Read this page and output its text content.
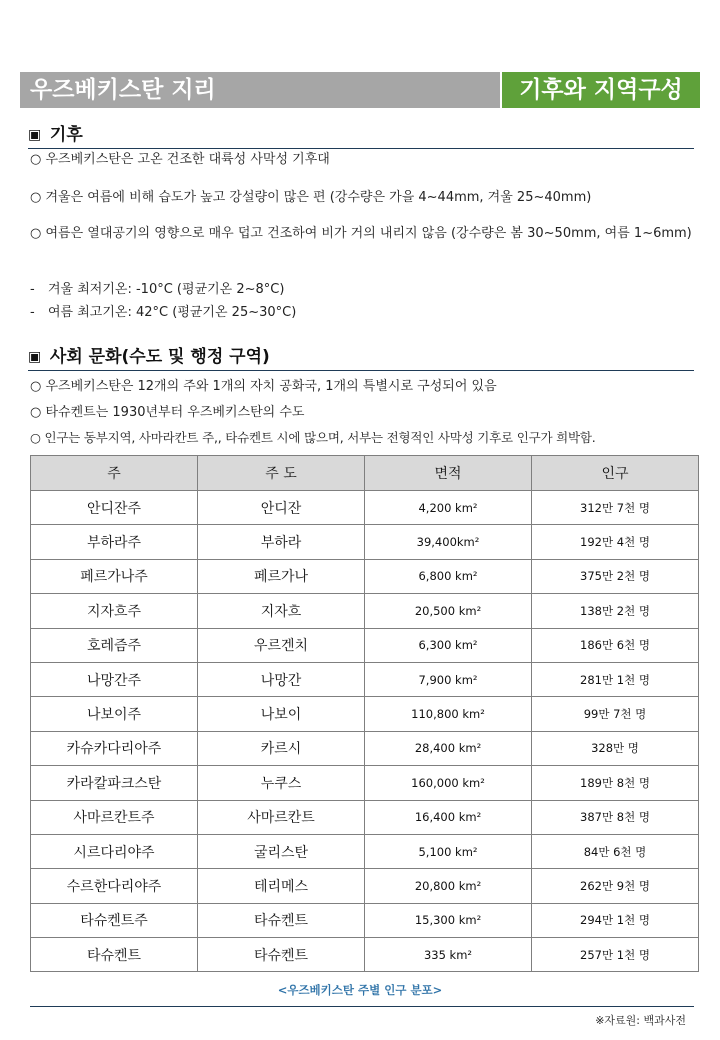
우즈베키스탄 지리	기후와 지역구성
▣ 기후
○ 우즈베키스탄은 고온 건조한 대륙성 사막성 기후대
○ 겨울은 여름에 비해 습도가 높고 강설량이 많은 편 (강수량은 가을 4~44mm, 겨울 25~40mm)
○ 여름은 열대공기의 영향으로 매우 덥고 건조하여 비가 거의 내리지 않음 (강수량은 봄 30~50mm, 여름 1~6mm)
- 겨울 최저기온: -10°C (평균기온 2~8°C)
- 여름 최고기온: 42°C (평균기온 25~30°C)
▣ 사회 문화(수도 및 행정 구역)
○ 우즈베키스탄은 12개의 주와 1개의 자치 공화국, 1개의 특별시로 구성되어 있음
○ 타슈켄트는 1930년부터 우즈베키스탄의 수도
○ 인구는 동부지역, 사마라칸트 주,, 타슈켄트 시에 많으며, 서부는 전형적인 사막성 기후로 인구가 희박함.
주	주 도	면적	인구
안디잔주	안디잔	4,200 km²	312만 7천 명
부하라주	부하라	39,400km²	192만 4천 명
페르가나주	페르가나	6,800 km²	375만 2천 명
지자흐주	지자흐	20,500 km²	138만 2천 명
호레즘주	우르겐치	6,300 km²	186만 6천 명
나망간주	나망간	7,900 km²	281만 1천 명
나보이주	나보이	110,800 km²	99만 7천 명
카슈카다리아주	카르시	28,400 km²	328만 명
카라칼파크스탄	누쿠스	160,000 km²	189만 8천 명
사마르칸트주	사마르칸트	16,400 km²	387만 8천 명
시르다리야주	굴리스탄	5,100 km²	84만 6천 명
수르한다리야주	테리메스	20,800 km²	262만 9천 명
타슈켄트주	타슈켄트	15,300 km²	294만 1천 명
타슈켄트	타슈켄트	335 km²	257만 1천 명
<우즈베키스탄 주별 인구 분포>
※자료원: 백과사전
